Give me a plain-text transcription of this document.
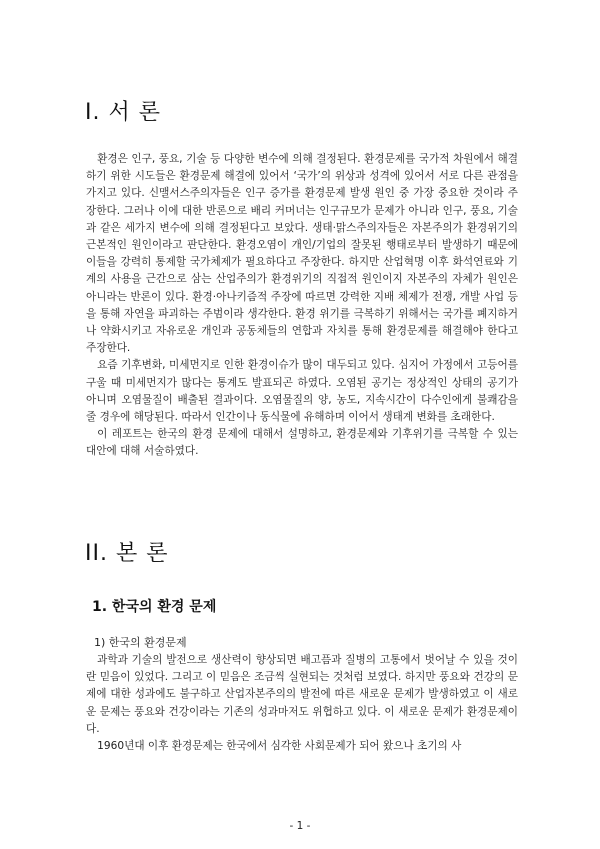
I. 서 론

환경은 인구, 풍요, 기술 등 다양한 변수에 의해 결정된다. 환경문제를 국가적 차원에서 해결하기 위한 시도들은 환경문제 해결에 있어서 ‘국가’의 위상과 성격에 있어서 서로 다른 관점을 가지고 있다. 신맬서스주의자들은 인구 증가를 환경문제 발생 원인 중 가장 중요한 것이라 주장한다. 그러나 이에 대한 반론으로 배리 커머너는 인구규모가 문제가 아니라 인구, 풍요, 기술과 같은 세가지 변수에 의해 결정된다고 보았다. 생태·맑스주의자들은 자본주의가 환경위기의 근본적인 원인이라고 판단한다. 환경오염이 개인/기업의 잘못된 행태로부터 발생하기 때문에 이들을 강력히 통제할 국가체제가 필요하다고 주장한다. 하지만 산업혁명 이후 화석연료와 기계의 사용을 근간으로 삼는 산업주의가 환경위기의 직접적 원인이지 자본주의 자체가 원인은 아니라는 반론이 있다. 환경·아나키즘적 주장에 따르면 강력한 지배 체제가 전쟁, 개발 사업 등을 통해 자연을 파괴하는 주범이라 생각한다. 환경 위기를 극복하기 위해서는 국가를 폐지하거나 약화시키고 자유로운 개인과 공동체들의 연합과 자치를 통해 환경문제를 해결해야 한다고 주장한다.

요즘 기후변화, 미세먼지로 인한 환경이슈가 많이 대두되고 있다. 심지어 가정에서 고등어를 구울 때 미세먼지가 많다는 통계도 발표되곤 하였다. 오염된 공기는 정상적인 상태의 공기가 아니며 오염물질이 배출된 결과이다. 오염물질의 양, 농도, 지속시간이 다수인에게 불쾌감을 줄 경우에 해당된다. 따라서 인간이나 동식물에 유해하며 이어서 생태계 변화를 초래한다.

이 레포트는 한국의 환경 문제에 대해서 설명하고, 환경문제와 기후위기를 극복할 수 있는 대안에 대해 서술하였다.

II. 본 론
1. 한국의 환경 문제
1) 한국의 환경문제

과학과 기술의 발전으로 생산력이 향상되면 배고픔과 질병의 고통에서 벗어날 수 있을 것이란 믿음이 있었다. 그리고 이 믿음은 조금씩 실현되는 것처럼 보였다. 하지만 풍요와 건강의 문제에 대한 성과에도 불구하고 산업자본주의의 발전에 따른 새로운 문제가 발생하였고 이 새로운 문제는 풍요와 건강이라는 기존의 성과마저도 위협하고 있다. 이 새로운 문제가 환경문제이다.

1960년대 이후 환경문제는 한국에서 심각한 사회문제가 되어 왔으나 초기의 사

- 1 -
